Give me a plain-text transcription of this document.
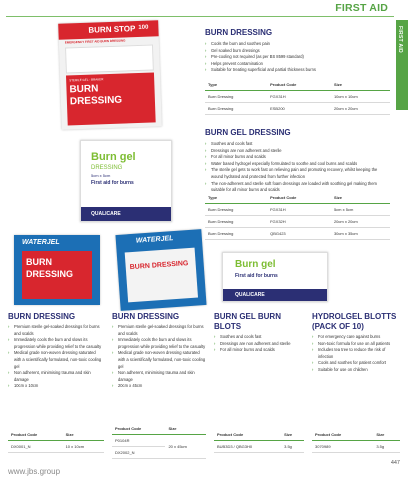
FIRST AID
FIRST AID
BURN STOP 100
EMERGENCY FIRST AID BURN DRESSING
STERILE GEL - BRAKER
BURN
DRESSING
BURN DRESSING
› Cools the burn and soothes pain
› Gel soaked burn dressings
› Pre-cooling not required (as per BS 8599 standard)
› Helps prevent contamination
› Suitable for treating superficial and partial thickness burns
Type	Product Code	Size
Burn Dressing	FGX31H	10cm x 10cm
Burn Dressing	ESB200	20cm x 20cm
Burn gel
DRESSING
5cm x 5cm
First aid for burns
QUALICARE
BURN GEL DRESSING
› Soothes and cools fast
› Dressings are non adherent and sterile
› For all minor burns and scalds
› Water based hydrogel especially formulated to soothe and cool burns and scalds
› The sterile gel gets to work fast on relieving pain and promoting recovery, whilst keeping the wound hydrated and protected from further infection
› The non-adherent and sterile soft foam dressings are loaded with soothing gel making them suitable for all minor burns and scalds
Type	Product Code	Size
Burn Dressing	FGX31H	5cm x 5cm
Burn Dressing	FGX32H	20cm x 20cm
Burn Dressing	QBG423	30cm x 35cm
WATERJEL
BURN
DRESSING
WATERJEL
BURN DRESSING	Burn gel
First aid for burns
QUALICARE
BURN DRESSING
› Premium sterile gel-soaked dressings for burns and scalds
› Immediately cools the burn and slows its progression while providing relief to the casualty
› Medical grade non-woven dressing saturated with a scientifically formulated, non-toxic cooling gel
› Non adherent, minimising trauma and skin damage
› 10cm x 10cm
BURN DRESSING
› Premium sterile gel-soaked dressings for burns and scalds
› Immediately cools the burn and slows its progression while providing relief to the casualty
› Medical grade non-woven dressing saturated with a scientifically formulated, non-toxic cooling gel
› Non adherent, minimising trauma and skin damage
› 20cm x 45cm
BURN GEL BURN BLOTS
› Soothes and cools fast
› Dressings are non adherent and sterile
› For all minor burns and scalds
HYDROLGEL BLOTTS (PACK OF 10)
› For emergency care against burns
› Non-toxic formula for use on all patients
› Includes tea tree to reduce the risk of infection
› Cools and soothes for patient comfort
› Suitable for use on children
Product Code	Size
DX0001_N	10 x 10cm
Product Code	Size
P0104R	20 x 45cm
DX2002_N	
Product Code	Size
BUB3D3 / QBG3H0	3.5g
Product Code	Size
3070989	3.5g
www.jbs.group
447
